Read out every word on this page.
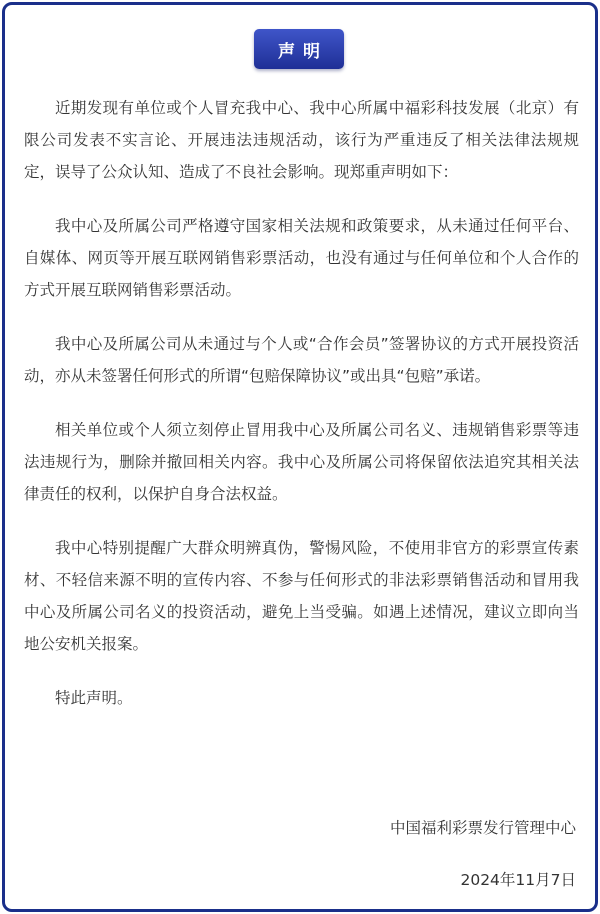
声明

近期发现有单位或个人冒充我中心、我中心所属中福彩科技发展（北京）有限公司发表不实言论、开展违法违规活动，该行为严重违反了相关法律法规规定，误导了公众认知、造成了不良社会影响。现郑重声明如下：

我中心及所属公司严格遵守国家相关法规和政策要求，从未通过任何平台、自媒体、网页等开展互联网销售彩票活动，也没有通过与任何单位和个人合作的方式开展互联网销售彩票活动。

我中心及所属公司从未通过与个人或“合作会员”签署协议的方式开展投资活动，亦从未签署任何形式的所谓“包赔保障协议”或出具“包赔”承诺。

相关单位或个人须立刻停止冒用我中心及所属公司名义、违规销售彩票等违法违规行为，删除并撤回相关内容。我中心及所属公司将保留依法追究其相关法律责任的权利，以保护自身合法权益。

我中心特别提醒广大群众明辨真伪，警惕风险，不使用非官方的彩票宣传素材、不轻信来源不明的宣传内容、不参与任何形式的非法彩票销售活动和冒用我中心及所属公司名义的投资活动，避免上当受骗。如遇上述情况，建议立即向当地公安机关报案。

特此声明。

中国福利彩票发行管理中心
2024年11月7日
